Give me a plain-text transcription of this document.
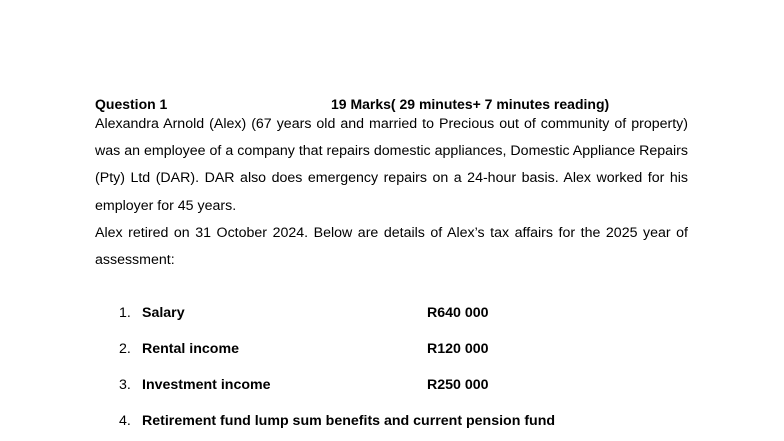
Question 1	19 Marks( 29 minutes+ 7 minutes reading)

Alexandra Arnold (Alex) (67 years old and married to Precious out of community of property) was an employee of a company that repairs domestic appliances, Domestic Appliance Repairs (Pty) Ltd (DAR). DAR also does emergency repairs on a 24-hour basis. Alex worked for his employer for 45 years.

Alex retired on 31 October 2024. Below are details of Alex’s tax affairs for the 2025 year of assessment:

1. Salary	R640 000
2. Rental income	R120 000
3. Investment income	R250 000
4. Retirement fund lump sum benefits and current pension fund
